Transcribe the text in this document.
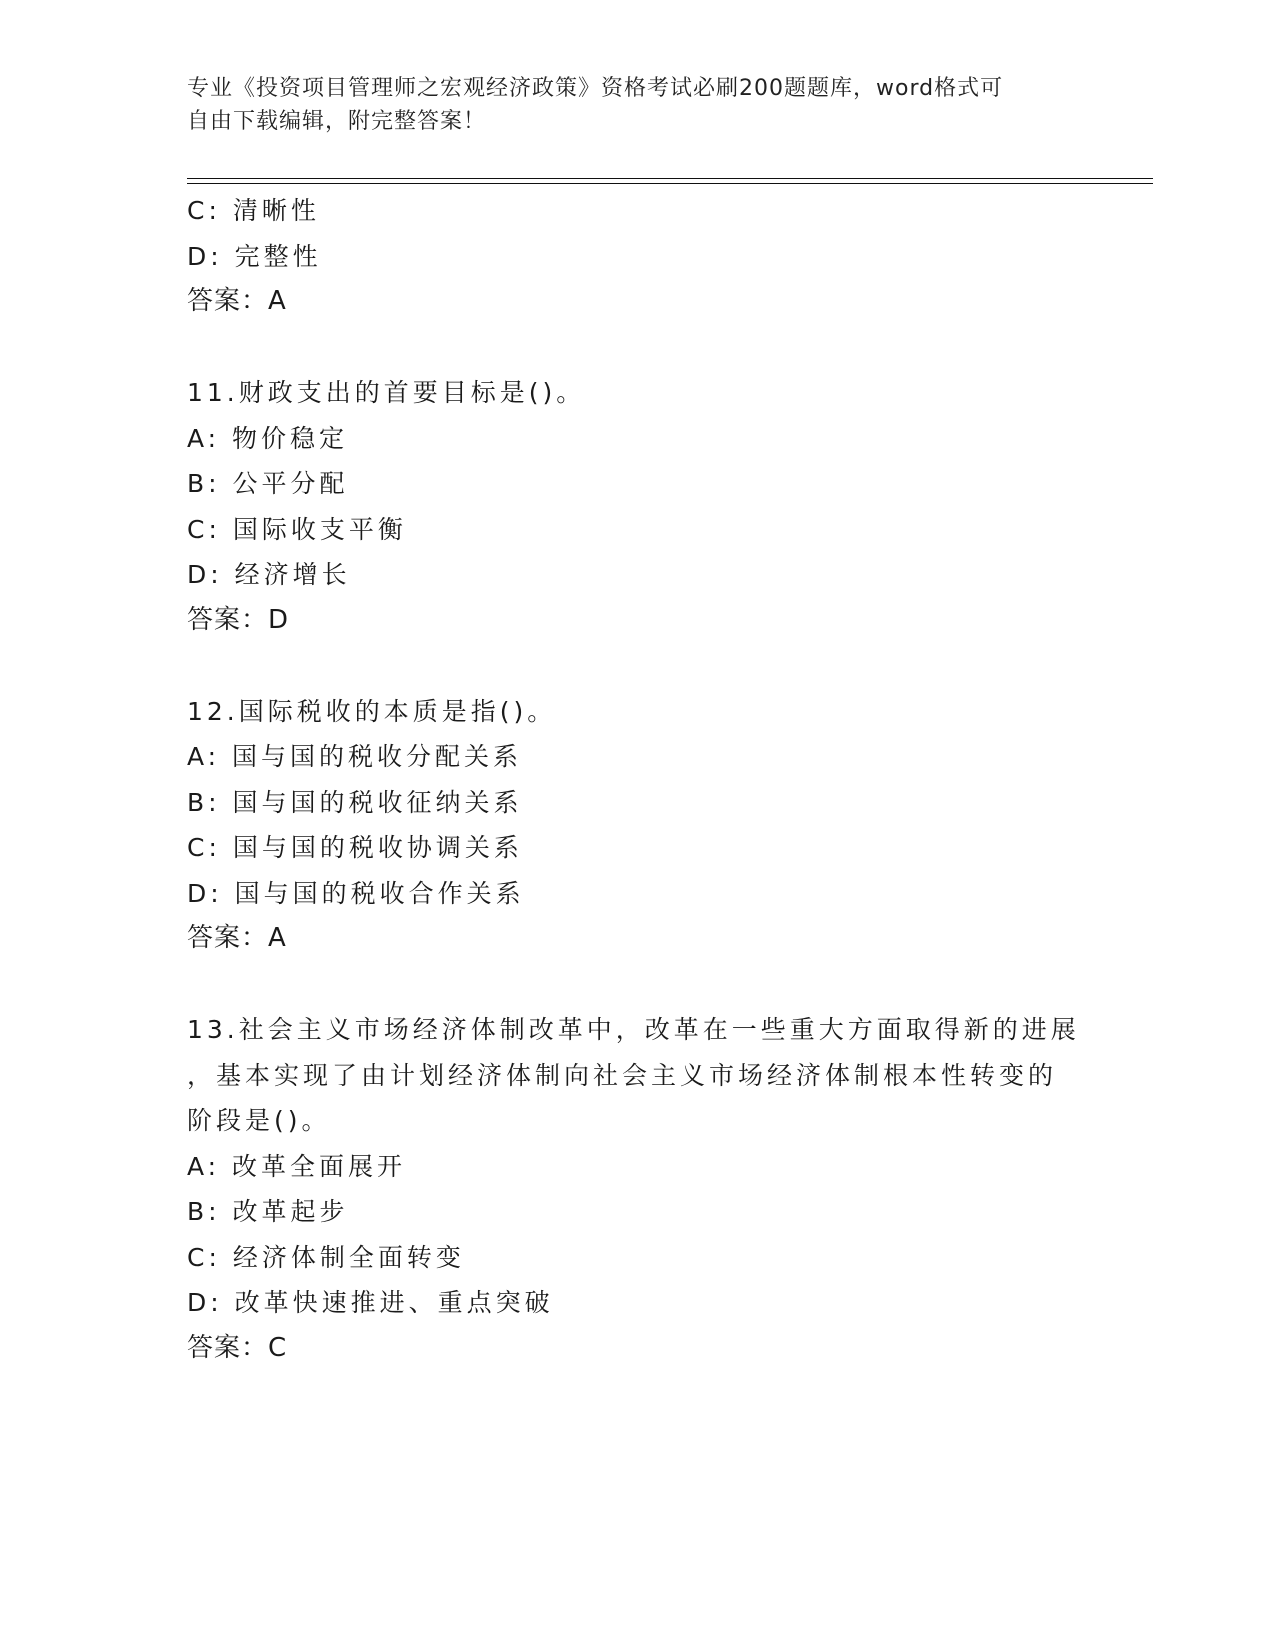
专业《投资项目管理师之宏观经济政策》资格考试必刷200题题库，word格式可
自由下载编辑，附完整答案！
C: 清晰性
D: 完整性
答案：A
11.财政支出的首要目标是()。
A: 物价稳定
B: 公平分配
C: 国际收支平衡
D: 经济增长
答案：D
12.国际税收的本质是指()。
A: 国与国的税收分配关系
B: 国与国的税收征纳关系
C: 国与国的税收协调关系
D: 国与国的税收合作关系
答案：A
13.社会主义市场经济体制改革中，改革在一些重大方面取得新的进展
，基本实现了由计划经济体制向社会主义市场经济体制根本性转变的
阶段是()。
A: 改革全面展开
B: 改革起步
C: 经济体制全面转变
D: 改革快速推进、重点突破
答案：C
